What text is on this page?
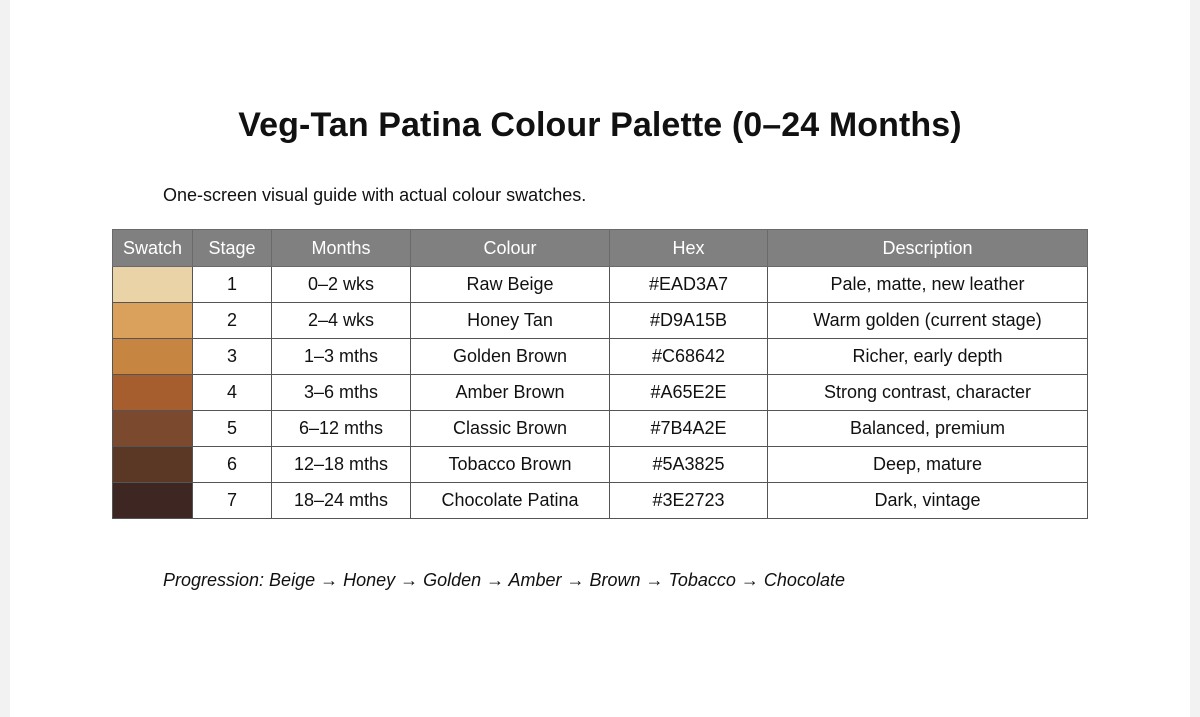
Veg-Tan Patina Colour Palette (0–24 Months)

One-screen visual guide with actual colour swatches.

Swatch	Stage	Months	Colour	Hex	Description
	1	0–2 wks	Raw Beige	#EAD3A7	Pale, matte, new leather
	2	2–4 wks	Honey Tan	#D9A15B	Warm golden (current stage)
	3	1–3 mths	Golden Brown	#C68642	Richer, early depth
	4	3–6 mths	Amber Brown	#A65E2E	Strong contrast, character
	5	6–12 mths	Classic Brown	#7B4A2E	Balanced, premium
	6	12–18 mths	Tobacco Brown	#5A3825	Deep, mature
	7	18–24 mths	Chocolate Patina	#3E2723	Dark, vintage

Progression: Beige → Honey → Golden → Amber → Brown → Tobacco → Chocolate
